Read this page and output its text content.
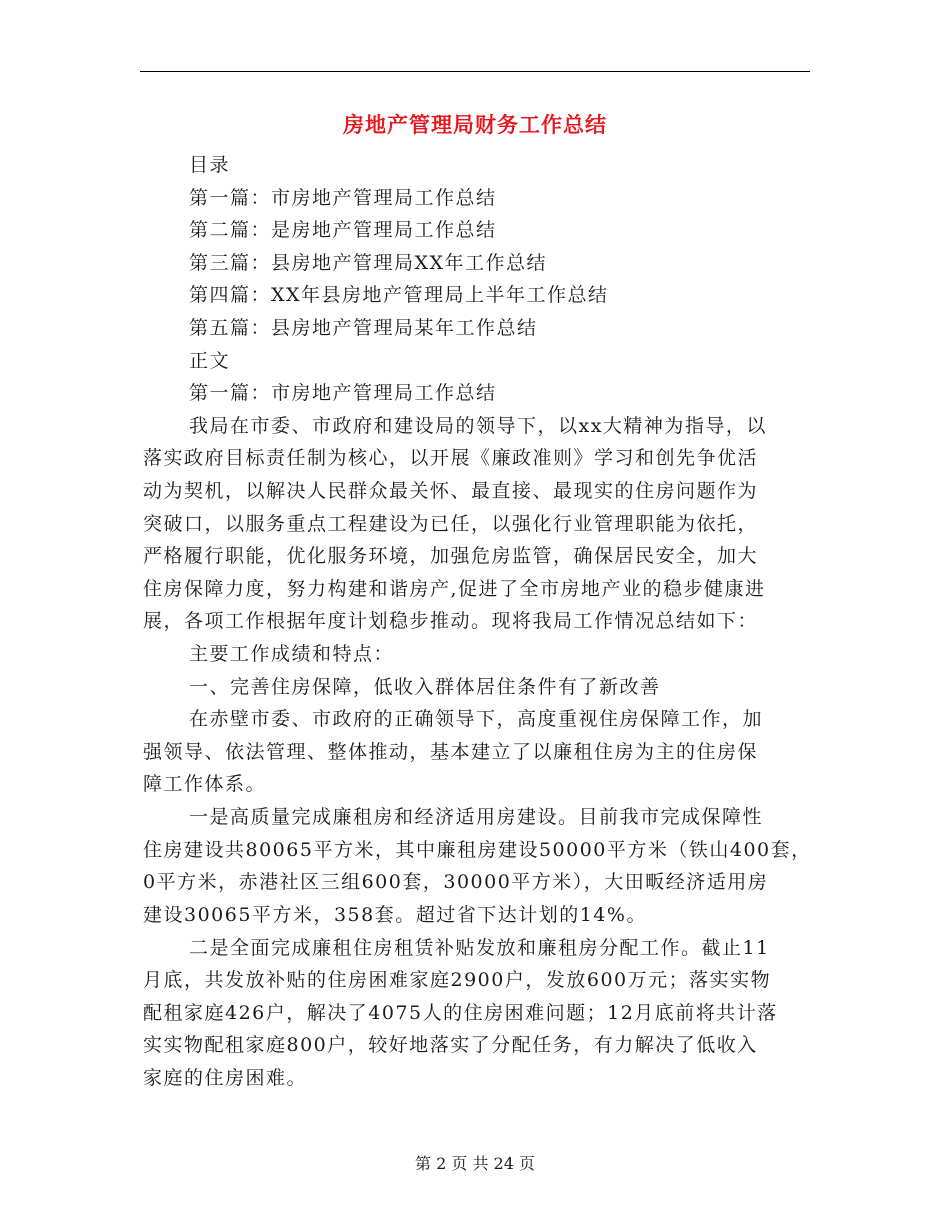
房地产管理局财务工作总结
目录
第一篇：市房地产管理局工作总结
第二篇：是房地产管理局工作总结
第三篇：县房地产管理局XX年工作总结
第四篇：XX年县房地产管理局上半年工作总结
第五篇：县房地产管理局某年工作总结
正文
第一篇：市房地产管理局工作总结
我局在市委、市政府和建设局的领导下，以xx大精神为指导，以
落实政府目标责任制为核心，以开展《廉政准则》学习和创先争优活
动为契机，以解决人民群众最关怀、最直接、最现实的住房问题作为
突破口，以服务重点工程建设为已任，以强化行业管理职能为依托，
严格履行职能，优化服务环境，加强危房监管，确保居民安全，加大
住房保障力度，努力构建和谐房产,促进了全市房地产业的稳步健康进
展，各项工作根据年度计划稳步推动。现将我局工作情况总结如下：
主要工作成绩和特点：
一、完善住房保障，低收入群体居住条件有了新改善
在赤壁市委、市政府的正确领导下，高度重视住房保障工作，加
强领导、依法管理、整体推动，基本建立了以廉租住房为主的住房保
障工作体系。
一是高质量完成廉租房和经济适用房建设。目前我市完成保障性
住房建设共80065平方米，其中廉租房建设50000平方米（铁山400套，
0平方米，赤港社区三组600套，30000平方米），大田畈经济适用房
建设30065平方米，358套。超过省下达计划的14%。
二是全面完成廉租住房租赁补贴发放和廉租房分配工作。截止11
月底，共发放补贴的住房困难家庭2900户，发放600万元；落实实物
配租家庭426户，解决了4075人的住房困难问题；12月底前将共计落
实实物配租家庭800户，较好地落实了分配任务，有力解决了低收入
家庭的住房困难。
第 2 页 共 24 页
